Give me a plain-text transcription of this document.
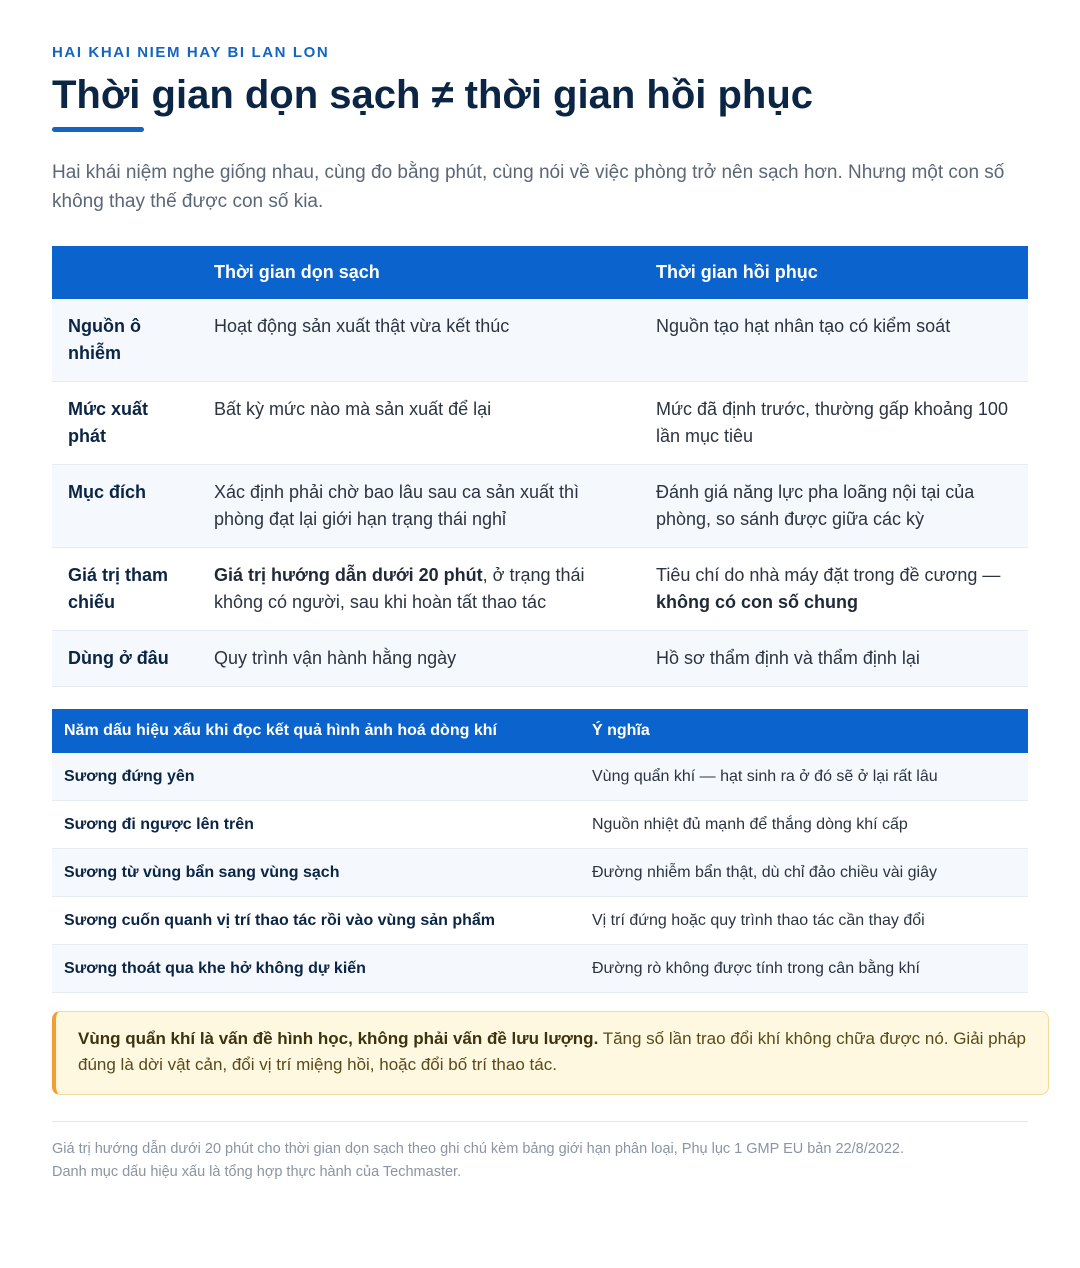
HAI KHAI NIEM HAY BI LAN LON
Thời gian dọn sạch ≠ thời gian hồi phục
Hai khái niệm nghe giống nhau, cùng đo bằng phút, cùng nói về việc phòng trở nên sạch hơn. Nhưng một con số không thay thế được con số kia.
	Thời gian dọn sạch	Thời gian hồi phục
Nguồn ô nhiễm	Hoạt động sản xuất thật vừa kết thúc	Nguồn tạo hạt nhân tạo có kiểm soát
Mức xuất phát	Bất kỳ mức nào mà sản xuất để lại	Mức đã định trước, thường gấp khoảng 100 lần mục tiêu
Mục đích	Xác định phải chờ bao lâu sau ca sản xuất thì phòng đạt lại giới hạn trạng thái nghỉ	Đánh giá năng lực pha loãng nội tại của phòng, so sánh được giữa các kỳ
Giá trị tham chiếu	Giá trị hướng dẫn dưới 20 phút, ở trạng thái không có người, sau khi hoàn tất thao tác	Tiêu chí do nhà máy đặt trong đề cương — không có con số chung
Dùng ở đâu	Quy trình vận hành hằng ngày	Hồ sơ thẩm định và thẩm định lại
Năm dấu hiệu xấu khi đọc kết quả hình ảnh hoá dòng khí	Ý nghĩa
Sương đứng yên	Vùng quẩn khí — hạt sinh ra ở đó sẽ ở lại rất lâu
Sương đi ngược lên trên	Nguồn nhiệt đủ mạnh để thắng dòng khí cấp
Sương từ vùng bẩn sang vùng sạch	Đường nhiễm bẩn thật, dù chỉ đảo chiều vài giây
Sương cuốn quanh vị trí thao tác rồi vào vùng sản phẩm	Vị trí đứng hoặc quy trình thao tác cần thay đổi
Sương thoát qua khe hở không dự kiến	Đường rò không được tính trong cân bằng khí
Vùng quẩn khí là vấn đề hình học, không phải vấn đề lưu lượng. Tăng số lần trao đổi khí không chữa được nó. Giải pháp đúng là dời vật cản, đổi vị trí miệng hồi, hoặc đổi bố trí thao tác.
Giá trị hướng dẫn dưới 20 phút cho thời gian dọn sạch theo ghi chú kèm bảng giới hạn phân loại, Phụ lục 1 GMP EU bản 22/8/2022.
Danh mục dấu hiệu xấu là tổng hợp thực hành của Techmaster.
